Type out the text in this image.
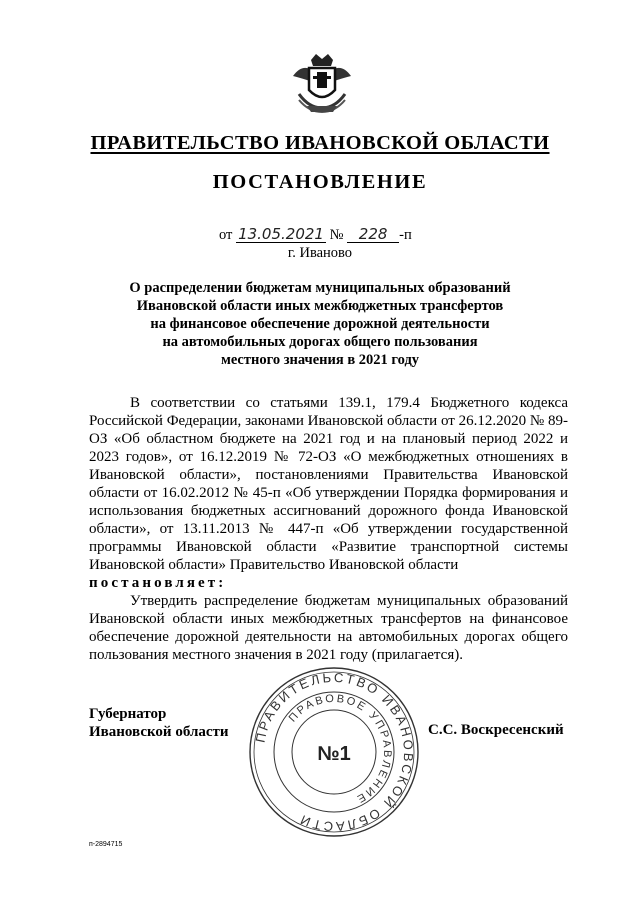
ПРАВИТЕЛЬСТВО ИВАНОВСКОЙ ОБЛАСТИ
ПОСТАНОВЛЕНИЕ
от 13.05.2021 № 228 -п
г. Иваново
О распределении бюджетам муниципальных образований
Ивановской области иных межбюджетных трансфертов
на финансовое обеспечение дорожной деятельности
на автомобильных дорогах общего пользования
местного значения в 2021 году

В соответствии со статьями 139.1, 179.4 Бюджетного кодекса Российской Федерации, законами Ивановской области от 26.12.2020 № 89-ОЗ «Об областном бюджете на 2021 год и на плановый период 2022 и 2023 годов», от 16.12.2019 № 72-ОЗ «О межбюджетных отношениях в Ивановской области», постановлениями Правительства Ивановской области от 16.02.2012 № 45-п «Об утверждении Порядка формирования и использования бюджетных ассигнований дорожного фонда Ивановской области», от 13.11.2013 № 447-п «Об утверждении государственной программы Ивановской области «Развитие транспортной системы Ивановской области» Правительство Ивановской области

постановляет:

Утвердить распределение бюджетам муниципальных образований Ивановской области иных межбюджетных трансфертов на финансовое обеспечение дорожной деятельности на автомобильных дорогах общего пользования местного значения в 2021 году (прилагается).

Губернатор
Ивановской области	С.С. Воскресенский
ПРАВИТЕЛЬСТВО ИВАНОВСКОЙ ОБЛАСТИ
ПРАВОВОЕ УПРАВЛЕНИЕ
№1
п-2894715
